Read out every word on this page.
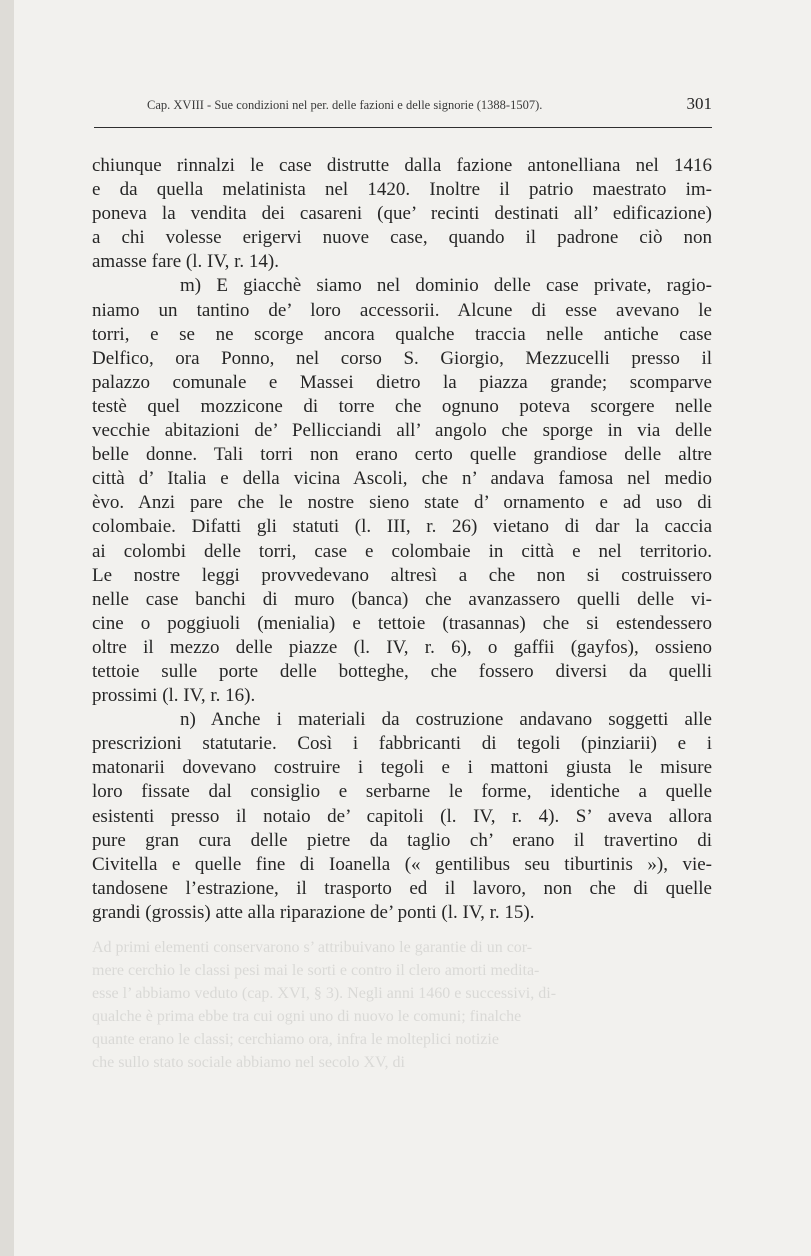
Cap. XVIII - Sue condizioni nel per. delle fazioni e delle signorie (1388-1507).	301
chiunque rinnalzi le case distrutte dalla fazione antonelliana nel 1416
e da quella melatinista nel 1420. Inoltre il patrio maestrato im-
poneva la vendita dei casareni (que’ recinti destinati all’ edificazione)
a chi volesse erigervi nuove case, quando il padrone ciò non
amasse fare (l. IV, r. 14).
m) E giacchè siamo nel dominio delle case private, ragio-
niamo un tantino de’ loro accessorii. Alcune di esse avevano le
torri, e se ne scorge ancora qualche traccia nelle antiche case
Delfico, ora Ponno, nel corso S. Giorgio, Mezzucelli presso il
palazzo comunale e Massei dietro la piazza grande; scomparve
testè quel mozzicone di torre che ognuno poteva scorgere nelle
vecchie abitazioni de’ Pellicciandi all’ angolo che sporge in via delle
belle donne. Tali torri non erano certo quelle grandiose delle altre
città d’ Italia e della vicina Ascoli, che n’ andava famosa nel medio
èvo. Anzi pare che le nostre sieno state d’ ornamento e ad uso di
colombaie. Difatti gli statuti (l. III, r. 26) vietano di dar la caccia
ai colombi delle torri, case e colombaie in città e nel territorio.
Le nostre leggi provvedevano altresì a che non si costruissero
nelle case banchi di muro (banca) che avanzassero quelli delle vi-
cine o poggiuoli (menialia) e tettoie (trasannas) che si estendessero
oltre il mezzo delle piazze (l. IV, r. 6), o gaffii (gayfos), ossieno
tettoie sulle porte delle botteghe, che fossero diversi da quelli
prossimi (l. IV, r. 16).
n) Anche i materiali da costruzione andavano soggetti alle
prescrizioni statutarie. Così i fabbricanti di tegoli (pinziarii) e i
matonarii dovevano costruire i tegoli e i mattoni giusta le misure
loro fissate dal consiglio e serbarne le forme, identiche a quelle
esistenti presso il notaio de’ capitoli (l. IV, r. 4). S’ aveva allora
pure gran cura delle pietre da taglio ch’ erano il travertino di
Civitella e quelle fine di Ioanella (« gentilibus seu tiburtinis »), vie-
tandosene l’estrazione, il trasporto ed il lavoro, non che di quelle
grandi (grossis) atte alla riparazione de’ ponti (l. IV, r. 15).
Ad primi elementi conservarono s’ attribuivano le garantie di un cor-
mere cerchio le classi pesi mai le sorti e contro il clero amorti medita-
esse l’ abbiamo veduto (cap. XVI, § 3). Negli anni 1460 e successivi, di-
qualche è prima ebbe tra cui ogni uno di nuovo le comuni; finalche
quante erano le classi; cerchiamo ora, infra le molteplici notizie
che sullo stato sociale abbiamo nel secolo XV, di
